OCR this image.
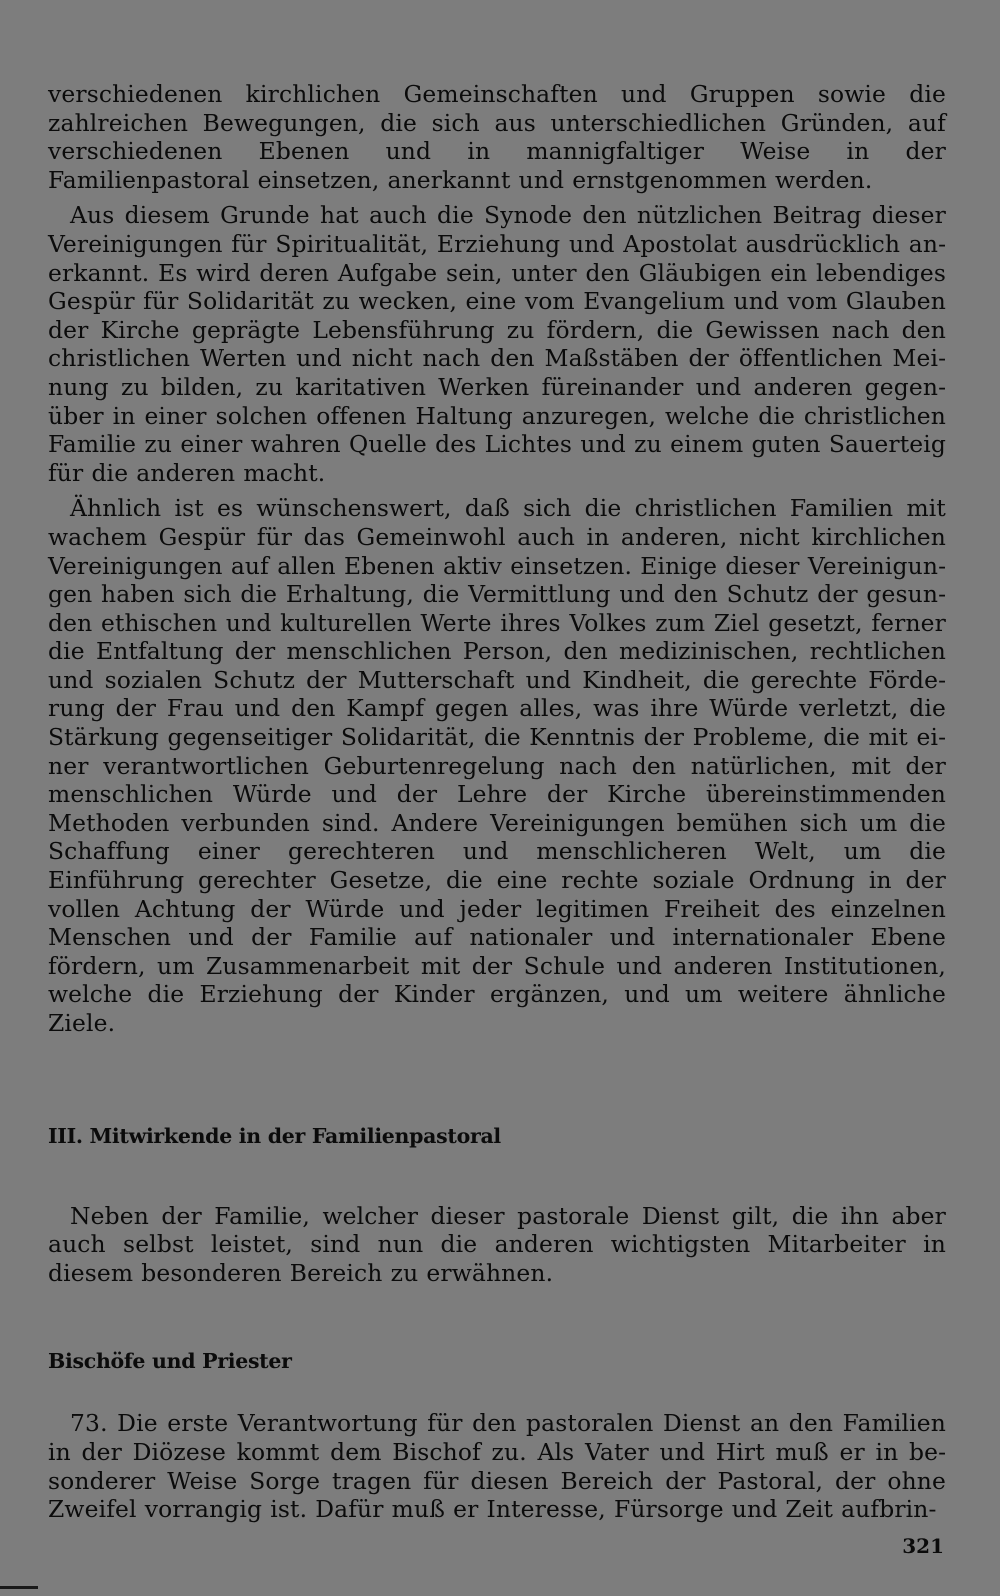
verschiedenen kirchlichen Gemeinschaften und Gruppen sowie die zahlreichen Bewegungen, die sich aus unterschiedlichen Gründen, auf verschiedenen Ebenen und in mannigfaltiger Weise in der Familienpastoral einsetzen, anerkannt und ernstgenommen werden.

Aus diesem Grunde hat auch die Synode den nützlichen Beitrag dieser Vereinigungen für Spiritualität, Erziehung und Apostolat ausdrücklich anerkannt. Es wird deren Aufgabe sein, unter den Gläubigen ein lebendiges Gespür für Solidarität zu wecken, eine vom Evangelium und vom Glauben der Kirche geprägte Lebensführung zu fördern, die Gewissen nach den christlichen Werten und nicht nach den Maßstäben der öffentlichen Meinung zu bilden, zu karitativen Werken füreinander und anderen gegenüber in einer solchen offenen Haltung anzuregen, welche die christlichen Familie zu einer wahren Quelle des Lichtes und zu einem guten Sauerteig für die anderen macht.

Ähnlich ist es wünschenswert, daß sich die christlichen Familien mit wachem Gespür für das Gemeinwohl auch in anderen, nicht kirchlichen Vereinigungen auf allen Ebenen aktiv einsetzen. Einige dieser Vereinigungen haben sich die Erhaltung, die Vermittlung und den Schutz der gesunden ethischen und kulturellen Werte ihres Volkes zum Ziel gesetzt, ferner die Entfaltung der menschlichen Person, den medizinischen, rechtlichen und sozialen Schutz der Mutterschaft und Kindheit, die gerechte Förderung der Frau und den Kampf gegen alles, was ihre Würde verletzt, die Stärkung gegenseitiger Solidarität, die Kenntnis der Probleme, die mit einer verantwortlichen Geburtenregelung nach den natürlichen, mit der menschlichen Würde und der Lehre der Kirche übereinstimmenden Methoden verbunden sind. Andere Vereinigungen bemühen sich um die Schaffung einer gerechteren und menschlicheren Welt, um die Einführung gerechter Gesetze, die eine rechte soziale Ordnung in der vollen Achtung der Würde und jeder legitimen Freiheit des einzelnen Menschen und der Familie auf nationaler und internationaler Ebene fördern, um Zusammenarbeit mit der Schule und anderen Institutionen, welche die Erziehung der Kinder ergänzen, und um weitere ähnliche Ziele.

III. Mitwirkende in der Familienpastoral

Neben der Familie, welcher dieser pastorale Dienst gilt, die ihn aber auch selbst leistet, sind nun die anderen wichtigsten Mitarbeiter in diesem besonderen Bereich zu erwähnen.

Bischöfe und Priester

73. Die erste Verantwortung für den pastoralen Dienst an den Familien in der Diözese kommt dem Bischof zu. Als Vater und Hirt muß er in besonderer Weise Sorge tragen für diesen Bereich der Pastoral, der ohne Zweifel vorrangig ist. Dafür muß er Interesse, Fürsorge und Zeit aufbrin-

321
